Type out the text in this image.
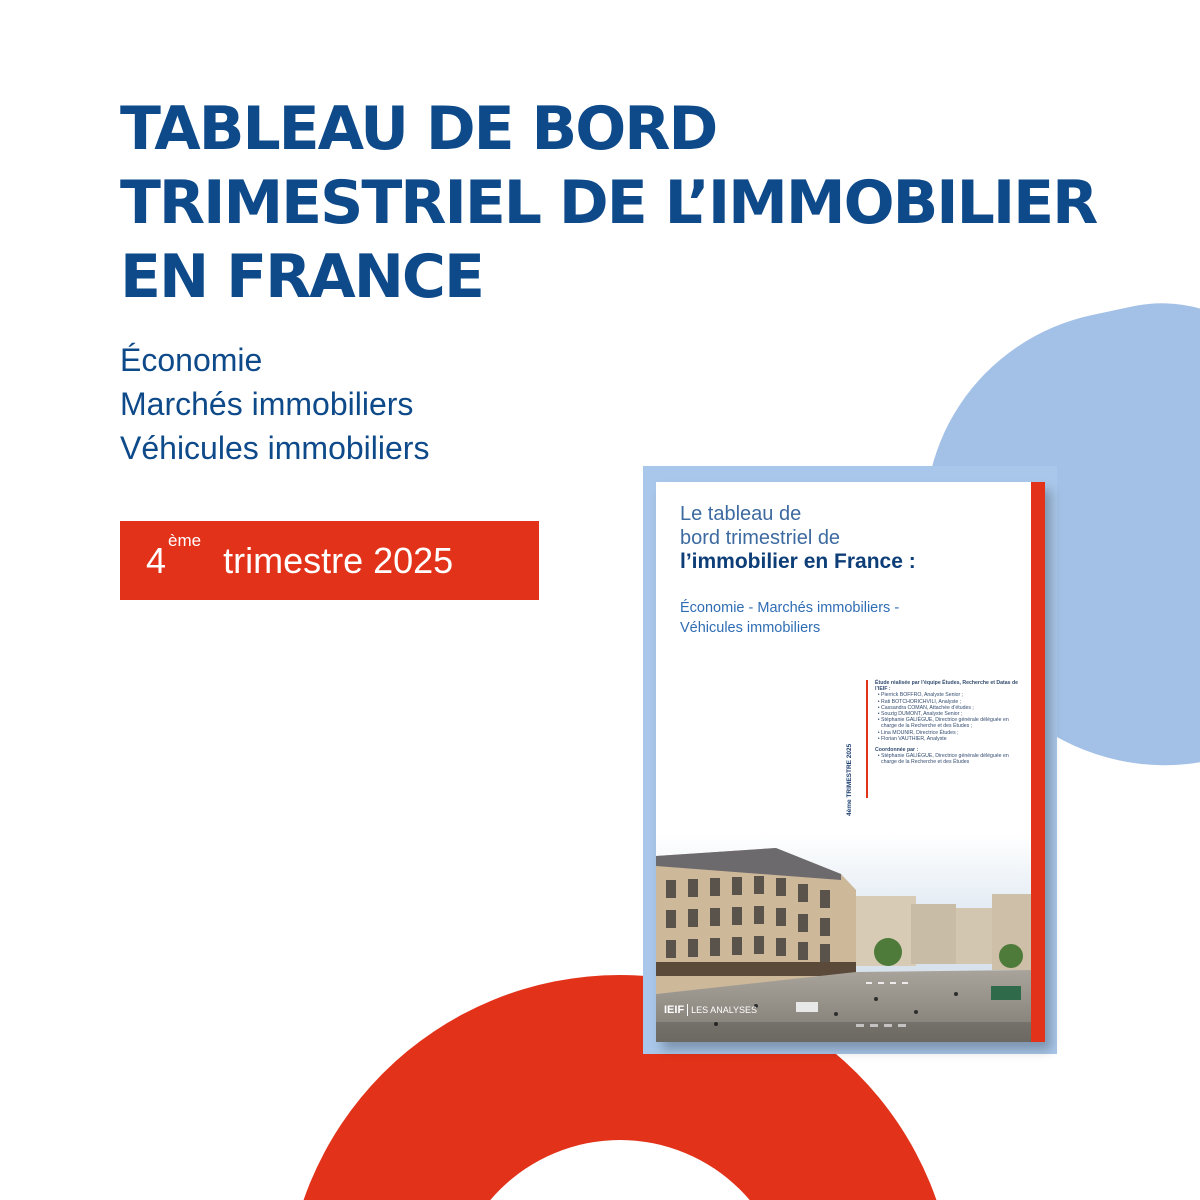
TABLEAU DE BORD
TRIMESTRIEL DE L’IMMOBILIER
EN FRANCE
Économie
Marchés immobiliers
Véhicules immobiliers
4 $^{ème}$ trimestre 2025
Le tableau de
bord trimestriel de
l’immobilier en France :
Économie - Marchés immobiliers -
Véhicules immobiliers
4ème TRIMESTRE 2025
Étude réalisée par l’équipe Études, Recherche et Datas de l’IEIF :
• Pierrick BOFFRO, Analyste Senior ;
• Rati BOTCHORICHVILI, Analyste ;
• Cassandra COMAN, Attachée d’études ;
• Souzig DUMONT, Analyste Senior ;
• Stéphanie GALIÈGUE, Directrice générale déléguée en charge de la Recherche et des Études ;
• Lina MOUNIR, Directrice Études ;
• Florian VAUTHIER, Analyste
Coordonnée par :
• Stéphanie GALIÈGUE, Directrice générale déléguée en charge de la Recherche et des Études
IEIF LES ANALYSES
